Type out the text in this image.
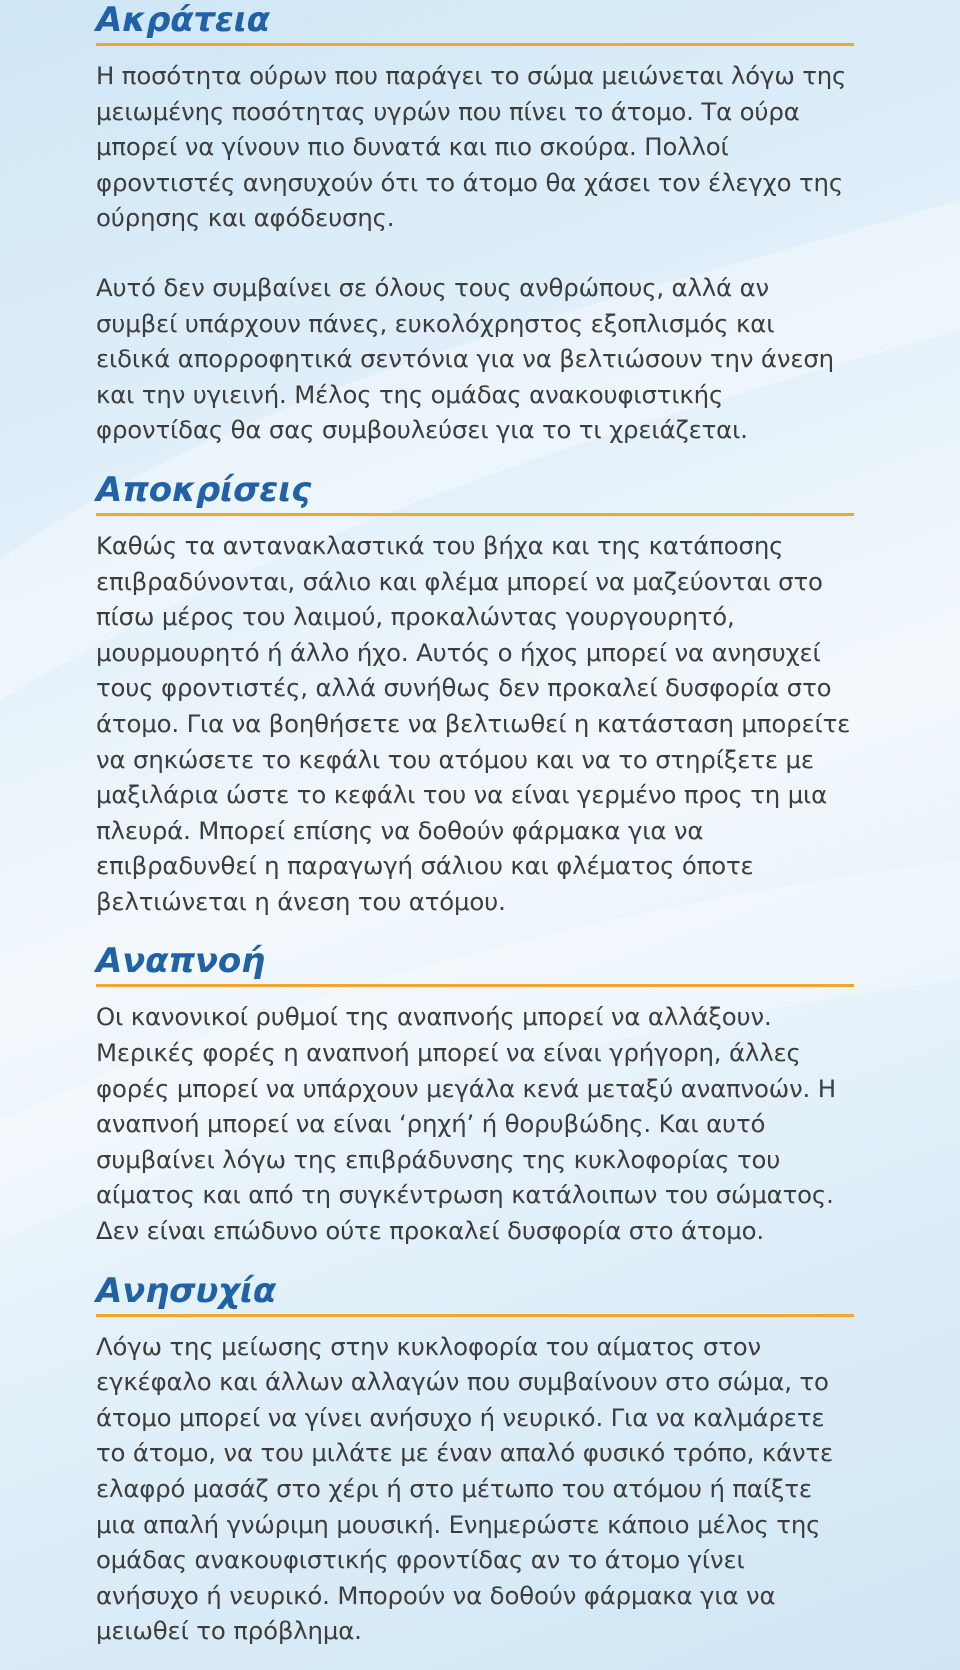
Ακράτεια

Η ποσότητα ούρων που παράγει το σώμα μειώνεται λόγω της μειωμένης ποσότητας υγρών που πίνει το άτομο. Τα ούρα μπορεί να γίνουν πιο δυνατά και πιο σκούρα. Πολλοί φροντιστές ανησυχούν ότι το άτομο θα χάσει τον έλεγχο της ούρησης και αφόδευσης.

Αυτό δεν συμβαίνει σε όλους τους ανθρώπους, αλλά αν συμβεί υπάρχουν πάνες, ευκολόχρηστος εξοπλισμός και ειδικά απορροφητικά σεντόνια για να βελτιώσουν την άνεση και την υγιεινή. Μέλος της ομάδας ανακουφιστικής φροντίδας θα σας συμβουλεύσει για το τι χρειάζεται.

Αποκρίσεις

Καθώς τα αντανακλαστικά του βήχα και της κατάποσης επιβραδύνονται, σάλιο και φλέμα μπορεί να μαζεύονται στο πίσω μέρος του λαιμού, προκαλώντας γουργουρητό, μουρμουρητό ή άλλο ήχο. Αυτός ο ήχος μπορεί να ανησυχεί τους φροντιστές, αλλά συνήθως δεν προκαλεί δυσφορία στο άτομο. Για να βοηθήσετε να βελτιωθεί η κατάσταση μπορείτε να σηκώσετε το κεφάλι του ατόμου και να το στηρίξετε με μαξιλάρια ώστε το κεφάλι του να είναι γερμένο προς τη μια πλευρά. Μπορεί επίσης να δοθούν φάρμακα για να επιβραδυνθεί η παραγωγή σάλιου και φλέματος όποτε βελτιώνεται η άνεση του ατόμου.

Αναπνοή

Οι κανονικοί ρυθμοί της αναπνοής μπορεί να αλλάξουν. Μερικές φορές η αναπνοή μπορεί να είναι γρήγορη, άλλες φορές μπορεί να υπάρχουν μεγάλα κενά μεταξύ αναπνοών. Η αναπνοή μπορεί να είναι ‘ρηχή’ ή θορυβώδης. Και αυτό συμβαίνει λόγω της επιβράδυνσης της κυκλοφορίας του αίματος και από τη συγκέντρωση κατάλοιπων του σώματος. Δεν είναι επώδυνο ούτε προκαλεί δυσφορία στο άτομο.

Ανησυχία

Λόγω της μείωσης στην κυκλοφορία του αίματος στον εγκέφαλο και άλλων αλλαγών που συμβαίνουν στο σώμα, το άτομο μπορεί να γίνει ανήσυχο ή νευρικό. Για να καλμάρετε το άτομο, να του μιλάτε με έναν απαλό φυσικό τρόπο, κάντε ελαφρό μασάζ στο χέρι ή στο μέτωπο του ατόμου ή παίξτε μια απαλή γνώριμη μουσική. Ενημερώστε κάποιο μέλος της ομάδας ανακουφιστικής φροντίδας αν το άτομο γίνει ανήσυχο ή νευρικό. Μπορούν να δοθούν φάρμακα για να μειωθεί το πρόβλημα.
